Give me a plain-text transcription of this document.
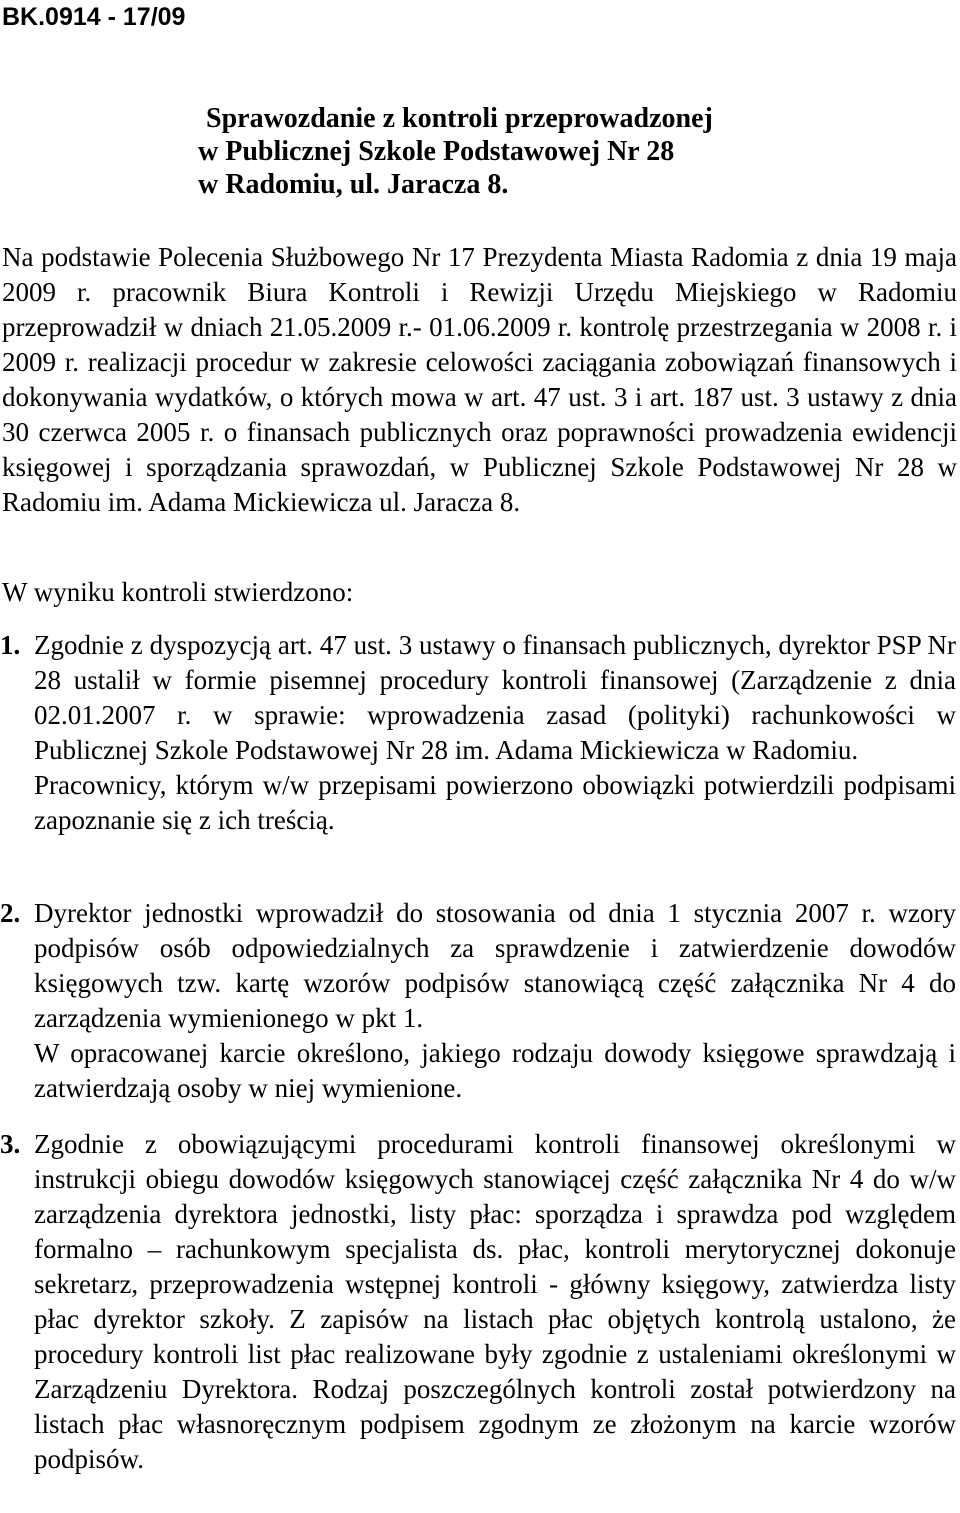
BK.0914 - 17/09
Sprawozdanie z kontroli przeprowadzonej
w Publicznej Szkole Podstawowej Nr 28
w Radomiu, ul. Jaracza 8.

Na podstawie Polecenia Służbowego Nr 17 Prezydenta Miasta Radomia z dnia 19 maja 2009 r. pracownik Biura Kontroli i Rewizji Urzędu Miejskiego w Radomiu przeprowadził w dniach 21.05.2009 r.- 01.06.2009 r. kontrolę przestrzegania w 2008 r. i 2009 r. realizacji procedur w zakresie celowości zaciągania zobowiązań finansowych i dokonywania wydatków, o których mowa w art. 47 ust. 3 i art. 187 ust. 3 ustawy z dnia 30 czerwca 2005 r. o finansach publicznych oraz poprawności prowadzenia ewidencji księgowej i sporządzania sprawozdań, w Publicznej Szkole Podstawowej Nr 28 w Radomiu im. Adama Mickiewicza ul. Jaracza 8.

W wyniku kontroli stwierdzono:

1. Zgodnie z dyspozycją art. 47 ust. 3 ustawy o finansach publicznych, dyrektor PSP Nr 28 ustalił w formie pisemnej procedury kontroli finansowej (Zarządzenie z dnia 02.01.2007 r. w sprawie: wprowadzenia zasad (polityki) rachunkowości w Publicznej Szkole Podstawowej Nr 28 im. Adama Mickiewicza w Radomiu.

Pracownicy, którym w/w przepisami powierzono obowiązki potwierdzili podpisami zapoznanie się z ich treścią.

2. Dyrektor jednostki wprowadził do stosowania od dnia 1 stycznia 2007 r. wzory podpisów osób odpowiedzialnych za sprawdzenie i zatwierdzenie dowodów księgowych tzw. kartę wzorów podpisów stanowiącą część załącznika Nr 4 do zarządzenia wymienionego w pkt 1.

W opracowanej karcie określono, jakiego rodzaju dowody księgowe sprawdzają i zatwierdzają osoby w niej wymienione.

3. Zgodnie z obowiązującymi procedurami kontroli finansowej określonymi w instrukcji obiegu dowodów księgowych stanowiącej część załącznika Nr 4 do w/w zarządzenia dyrektora jednostki, listy płac: sporządza i sprawdza pod względem formalno – rachunkowym specjalista ds. płac, kontroli merytorycznej dokonuje sekretarz, przeprowadzenia wstępnej kontroli - główny księgowy, zatwierdza listy płac dyrektor szkoły. Z zapisów na listach płac objętych kontrolą ustalono, że procedury kontroli list płac realizowane były zgodnie z ustaleniami określonymi w Zarządzeniu Dyrektora. Rodzaj poszczególnych kontroli został potwierdzony na listach płac własnoręcznym podpisem zgodnym ze złożonym na karcie wzorów podpisów.
